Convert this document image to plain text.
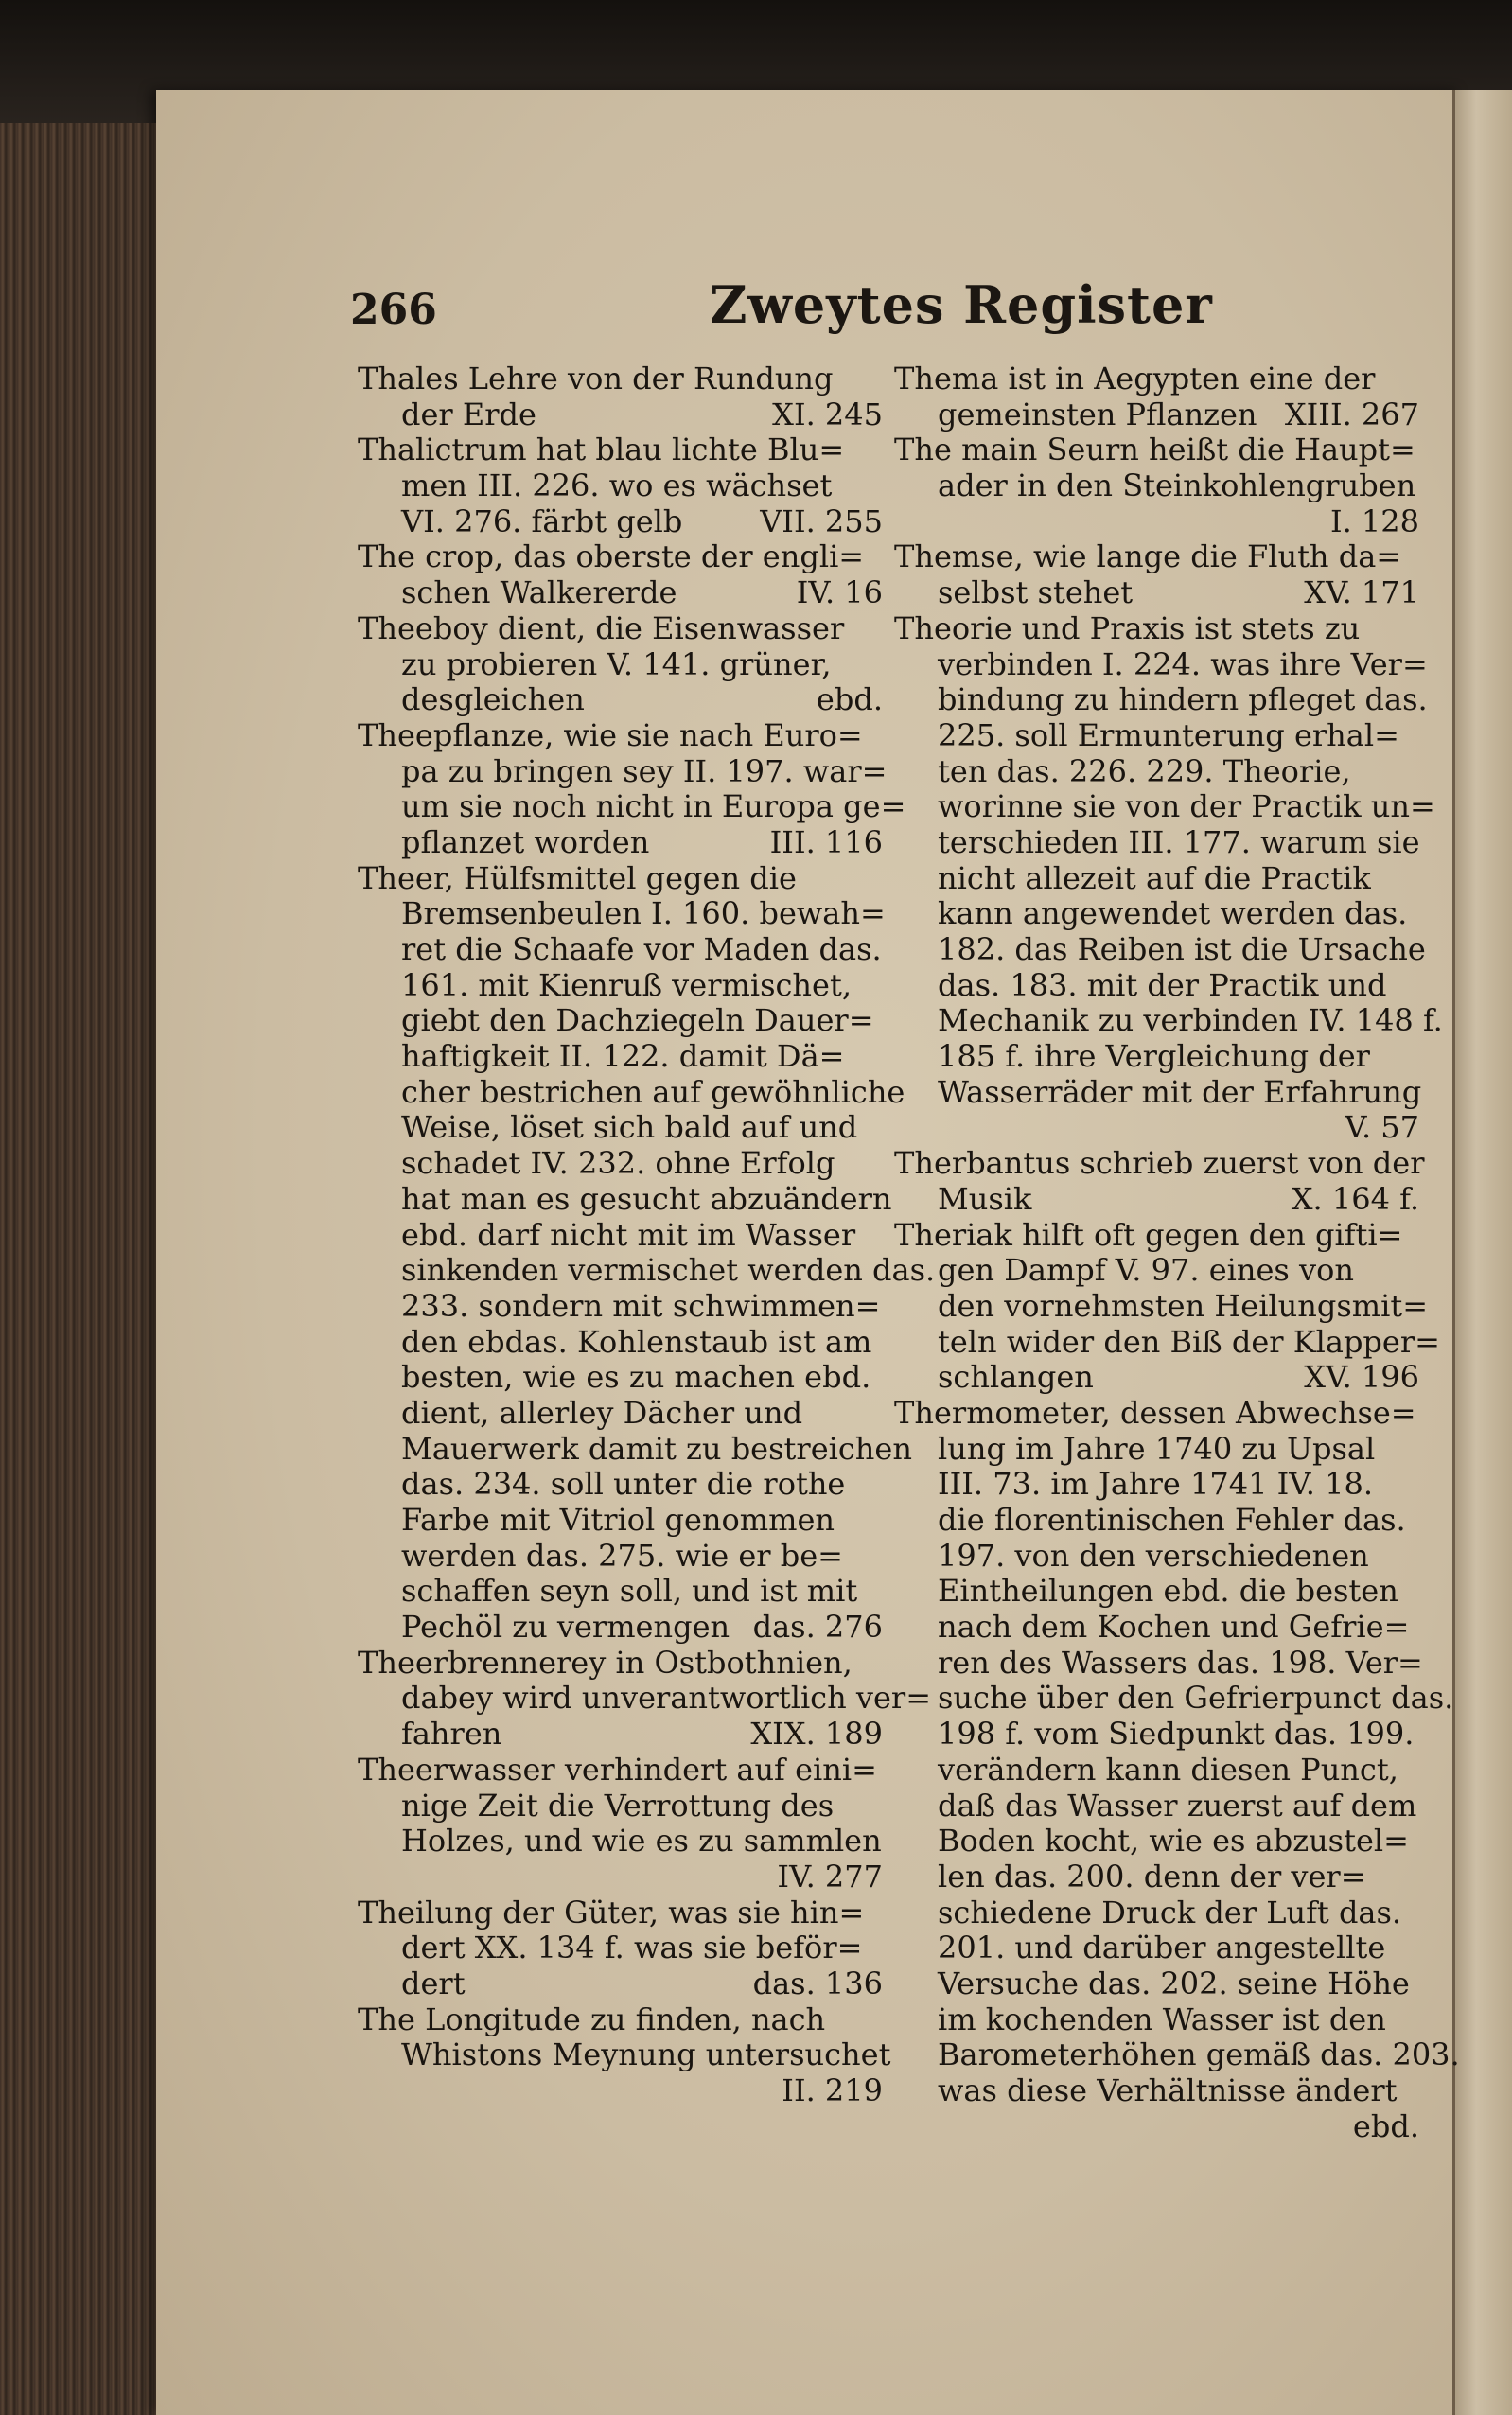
266	Zweytes Register
Thales Lehre von der Rundung
der Erde	XI. 245
Thalictrum hat blau lichte Blu=
men III. 226. wo es wächset
VI. 276. färbt gelb	VII. 255
The crop, das oberste der engli=
schen Walkererde	IV. 16
Theeboy dient, die Eisenwasser
zu probieren V. 141. grüner,
desgleichen	ebd.
Theepflanze, wie sie nach Euro=
pa zu bringen sey II. 197. war=
um sie noch nicht in Europa ge=
pflanzet worden	III. 116
Theer, Hülfsmittel gegen die
Bremsenbeulen I. 160. bewah=
ret die Schaafe vor Maden das.
161. mit Kienruß vermischet,
giebt den Dachziegeln Dauer=
haftigkeit II. 122. damit Dä=
cher bestrichen auf gewöhnliche
Weise, löset sich bald auf und
schadet IV. 232. ohne Erfolg
hat man es gesucht abzuändern
ebd. darf nicht mit im Wasser
sinkenden vermischet werden das.
233. sondern mit schwimmen=
den ebdas. Kohlenstaub ist am
besten, wie es zu machen ebd.
dient, allerley Dächer und
Mauerwerk damit zu bestreichen
das. 234. soll unter die rothe
Farbe mit Vitriol genommen
werden das. 275. wie er be=
schaffen seyn soll, und ist mit
Pechöl zu vermengen das. 276
Theerbrennerey in Ostbothnien,
dabey wird unverantwortlich ver=
fahren	XIX. 189
Theerwasser verhindert auf eini=
nige Zeit die Verrottung des
Holzes, und wie es zu sammlen
IV. 277
Theilung der Güter, was sie hin=
dert XX. 134 f. was sie beför=
dert	das. 136
The Longitude zu finden, nach
Whistons Meynung untersuchet
II. 219
Thema ist in Aegypten eine der
gemeinsten Pflanzen XIII. 267
The main Seurn heißt die Haupt=
ader in den Steinkohlengruben
I. 128
Themse, wie lange die Fluth da=
selbst stehet	XV. 171
Theorie und Praxis ist stets zu
verbinden I. 224. was ihre Ver=
bindung zu hindern pfleget das.
225. soll Ermunterung erhal=
ten das. 226. 229. Theorie,
worinne sie von der Practik un=
terschieden III. 177. warum sie
nicht allezeit auf die Practik
kann angewendet werden das.
182. das Reiben ist die Ursache
das. 183. mit der Practik und
Mechanik zu verbinden IV. 148 f.
185 f. ihre Vergleichung der
Wasserräder mit der Erfahrung
V. 57
Therbantus schrieb zuerst von der
Musik	X. 164 f.
Theriak hilft oft gegen den gifti=
gen Dampf V. 97. eines von
den vornehmsten Heilungsmit=
teln wider den Biß der Klapper=
schlangen	XV. 196
Thermometer, dessen Abwechse=
lung im Jahre 1740 zu Upsal
III. 73. im Jahre 1741 IV. 18.
die florentinischen Fehler das.
197. von den verschiedenen
Eintheilungen ebd. die besten
nach dem Kochen und Gefrie=
ren des Wassers das. 198. Ver=
suche über den Gefrierpunct das.
198 f. vom Siedpunkt das. 199.
verändern kann diesen Punct,
daß das Wasser zuerst auf dem
Boden kocht, wie es abzustel=
len das. 200. denn der ver=
schiedene Druck der Luft das.
201. und darüber angestellte
Versuche das. 202. seine Höhe
im kochenden Wasser ist den
Barometerhöhen gemäß das. 203.
was diese Verhältnisse ändert
ebd.
